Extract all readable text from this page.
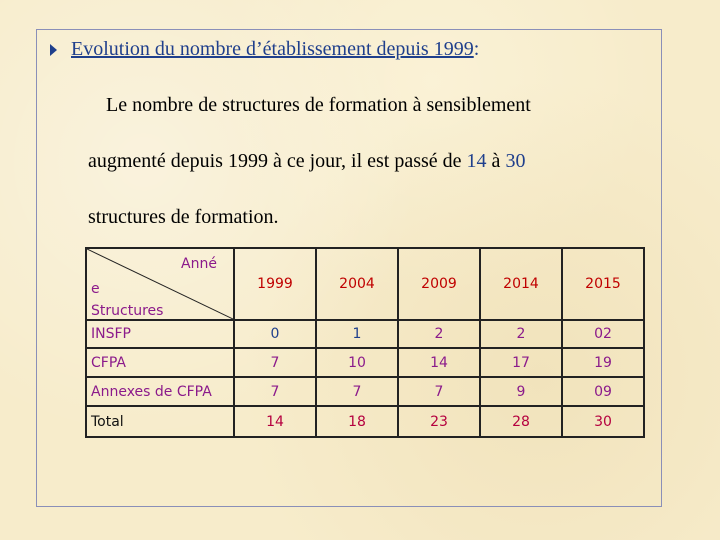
Evolution du nombre d’établissement depuis 1999:

Le nombre de structures de formation à sensiblement

augmenté depuis 1999 à ce jour, il est passé de 14 à 30

structures de formation.

Anné
e
Structures	1999	2004	2009	2014	2015
INSFP	0	1	2	2	02
CFPA	7	10	14	17	19
Annexes de CFPA	7	7	7	9	09
Total	14	18	23	28	30
